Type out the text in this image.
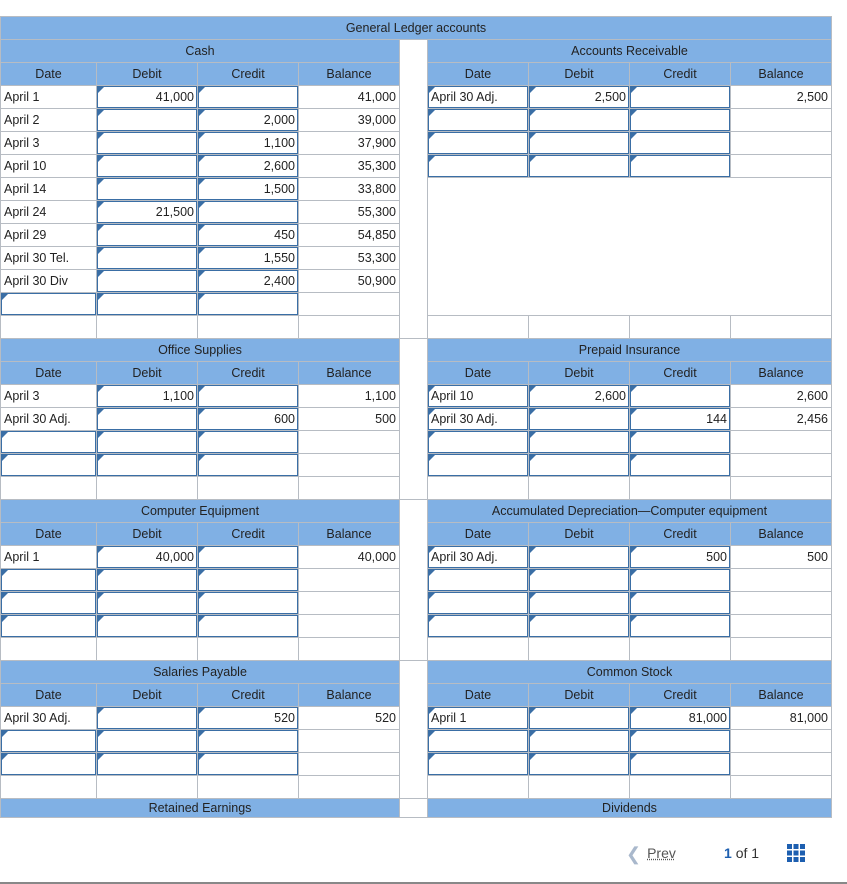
General Ledger accounts									
Cash					Accounts Receivable				
Date	Debit	Credit	Balance		Date	Debit	Credit	Balance	
April 1	41,000		41,000		April 30 Adj.	2,500		2,500	
April 2		2,000	39,000						
April 3		1,100	37,900						
April 10		2,600	35,300						
April 14		1,500	33,800						
April 24	21,500		55,300						
April 29		450	54,850						
April 30 Tel.		1,550	53,300						
April 30 Div		2,400	50,900						

Office Supplies					Prepaid Insurance				
Date	Debit	Credit	Balance		Date	Debit	Credit	Balance	
April 3	1,100		1,100		April 10	2,600		2,600	
April 30 Adj.		600	500		April 30 Adj.		144	2,456	

Computer Equipment					Accumulated Depreciation—Computer equipment				
Date	Debit	Credit	Balance		Date	Debit	Credit	Balance	
April 1	40,000		40,000		April 30 Adj.		500	500	

Salaries Payable					Common Stock				
Date	Debit	Credit	Balance		Date	Debit	Credit	Balance	
April 30 Adj.		520	520		April 1		81,000	81,000	

Retained Earnings					Dividends				
❮ Prev	1 of 1
